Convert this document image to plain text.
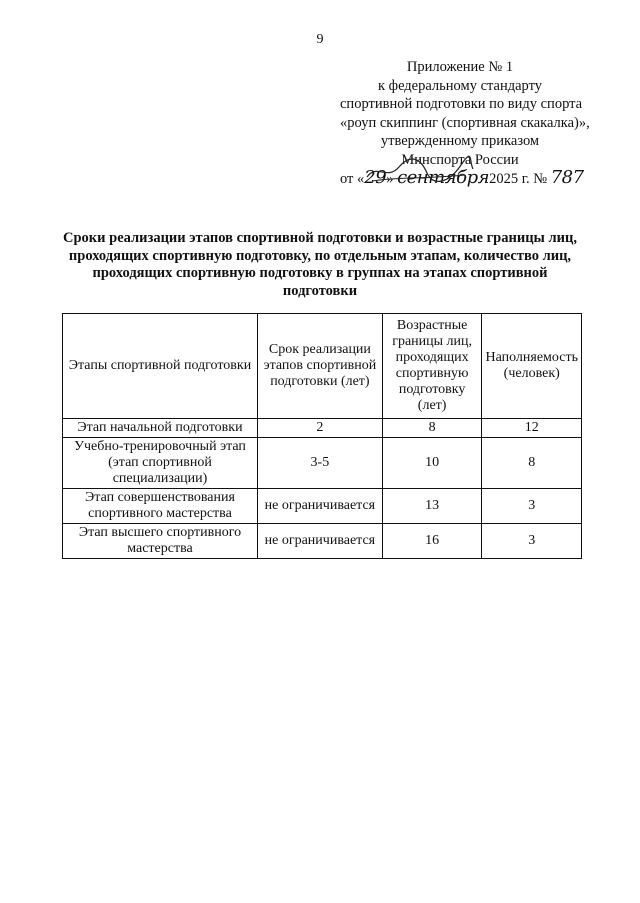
9
Приложение № 1
к федеральному стандарту
спортивной подготовки по виду спорта
«роуп скиппинг (спортивная скакалка)»,
утвержденному приказом
Минспорта России
от «29» сентября2025 г. № 787
Сроки реализации этапов спортивной подготовки и возрастные границы лиц, проходящих спортивную подготовку, по отдельным этапам, количество лиц, проходящих спортивную подготовку в группах на этапах спортивной подготовки
Этапы спортивной подготовки	Срок реализации этапов спортивной подготовки (лет)	Возрастные границы лиц, проходящих спортивную подготовку (лет)	Наполняемость (человек)
Этап начальной подготовки	2	8	12
Учебно-тренировочный этап (этап спортивной специализации)	3-5	10	8
Этап совершенствования спортивного мастерства	не ограничивается	13	3
Этап высшего спортивного мастерства	не ограничивается	16	3
